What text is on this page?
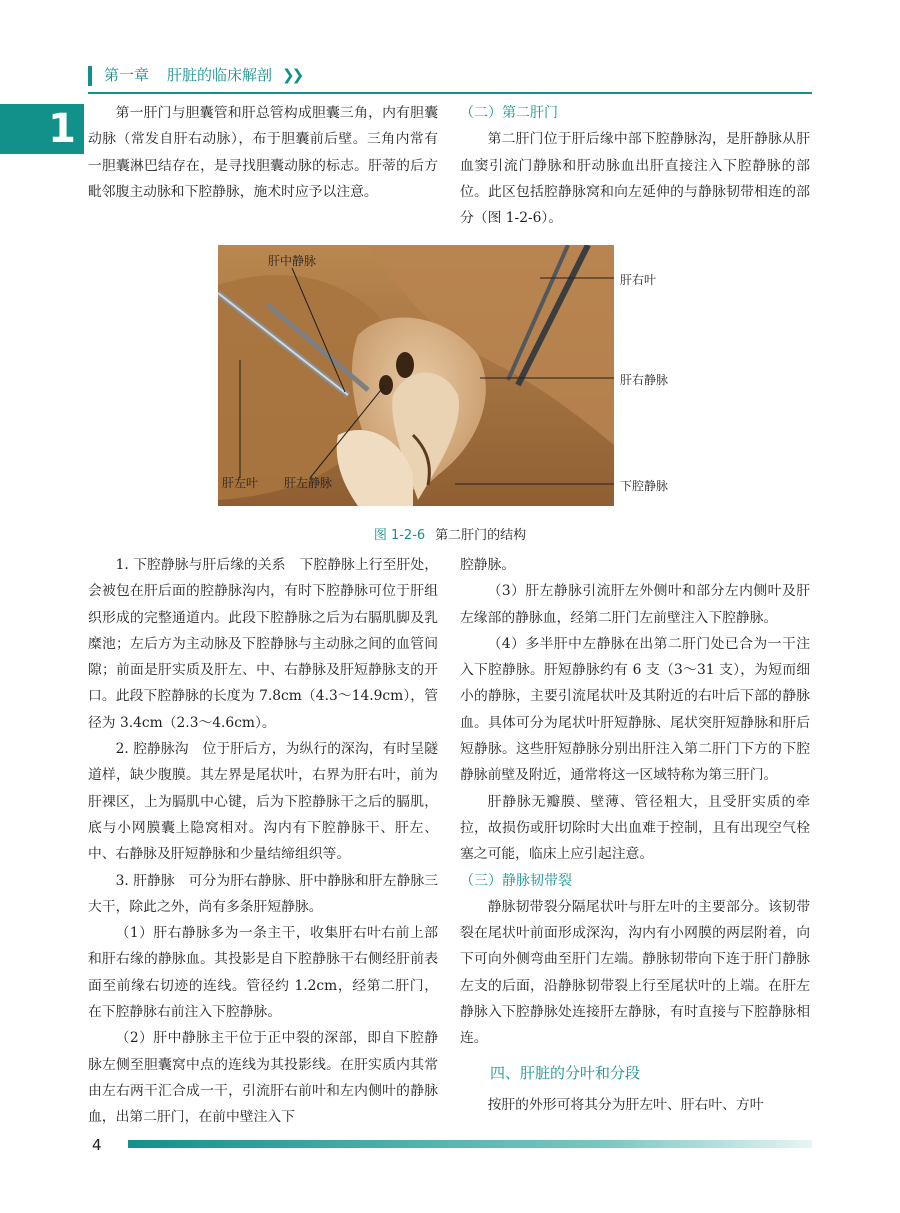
第一章 肝脏的临床解剖 ❯❯
1	第一肝门与胆囊管和肝总管构成胆囊三角，内有胆囊动脉（常发自肝右动脉），布于胆囊前后壁。三角内常有一胆囊淋巴结存在，是寻找胆囊动脉的标志。肝蒂的后方毗邻腹主动脉和下腔静脉，施术时应予以注意。

（二）第二肝门

第二肝门位于肝后缘中部下腔静脉沟，是肝静脉从肝血窦引流门静脉和肝动脉血出肝直接注入下腔静脉的部位。此区包括腔静脉窝和向左延伸的与静脉韧带相连的部分（图 1-2-6）。

肝中静脉
肝右叶
肝右静脉
肝左叶 肝左静脉	下腔静脉
图 1-2-6 第二肝门的结构

1. 下腔静脉与肝后缘的关系　下腔静脉上行至肝处，会被包在肝后面的腔静脉沟内，有时下腔静脉可位于肝组织形成的完整通道内。此段下腔静脉之后为右膈肌脚及乳糜池；左后方为主动脉及下腔静脉与主动脉之间的血管间隙；前面是肝实质及肝左、中、右静脉及肝短静脉支的开口。此段下腔静脉的长度为 7.8cm（4.3～14.9cm），管径为 3.4cm（2.3～4.6cm）。

2. 腔静脉沟　位于肝后方，为纵行的深沟，有时呈隧道样，缺少腹膜。其左界是尾状叶，右界为肝右叶，前为肝裸区，上为膈肌中心键，后为下腔静脉干之后的膈肌，底与小网膜囊上隐窝相对。沟内有下腔静脉干、肝左、中、右静脉及肝短静脉和少量结缔组织等。

3. 肝静脉　可分为肝右静脉、肝中静脉和肝左静脉三大干，除此之外，尚有多条肝短静脉。

（1）肝右静脉多为一条主干，收集肝右叶右前上部和肝右缘的静脉血。其投影是自下腔静脉干右侧经肝前表面至前缘右切迹的连线。管径约 1.2cm，经第二肝门，在下腔静脉右前注入下腔静脉。

（2）肝中静脉主干位于正中裂的深部，即自下腔静脉左侧至胆囊窝中点的连线为其投影线。在肝实质内其常由左右两干汇合成一干，引流肝右前叶和左内侧叶的静脉血，出第二肝门，在前中壁注入下

腔静脉。

（3）肝左静脉引流肝左外侧叶和部分左内侧叶及肝左缘部的静脉血，经第二肝门左前壁注入下腔静脉。

（4）多半肝中左静脉在出第二肝门处已合为一干注入下腔静脉。肝短静脉约有 6 支（3～31 支），为短而细小的静脉，主要引流尾状叶及其附近的右叶后下部的静脉血。具体可分为尾状叶肝短静脉、尾状突肝短静脉和肝后短静脉。这些肝短静脉分别出肝注入第二肝门下方的下腔静脉前壁及附近，通常将这一区域特称为第三肝门。

肝静脉无瓣膜、壁薄、管径粗大，且受肝实质的牵拉，故损伤或肝切除时大出血难于控制，且有出现空气栓塞之可能，临床上应引起注意。

（三）静脉韧带裂

静脉韧带裂分隔尾状叶与肝左叶的主要部分。该韧带裂在尾状叶前面形成深沟，沟内有小网膜的两层附着，向下可向外侧弯曲至肝门左端。静脉韧带向下连于肝门静脉左支的后面，沿静脉韧带裂上行至尾状叶的上端。在肝左静脉入下腔静脉处连接肝左静脉，有时直接与下腔静脉相连。

四、肝脏的分叶和分段

按肝的外形可将其分为肝左叶、肝右叶、方叶

4
